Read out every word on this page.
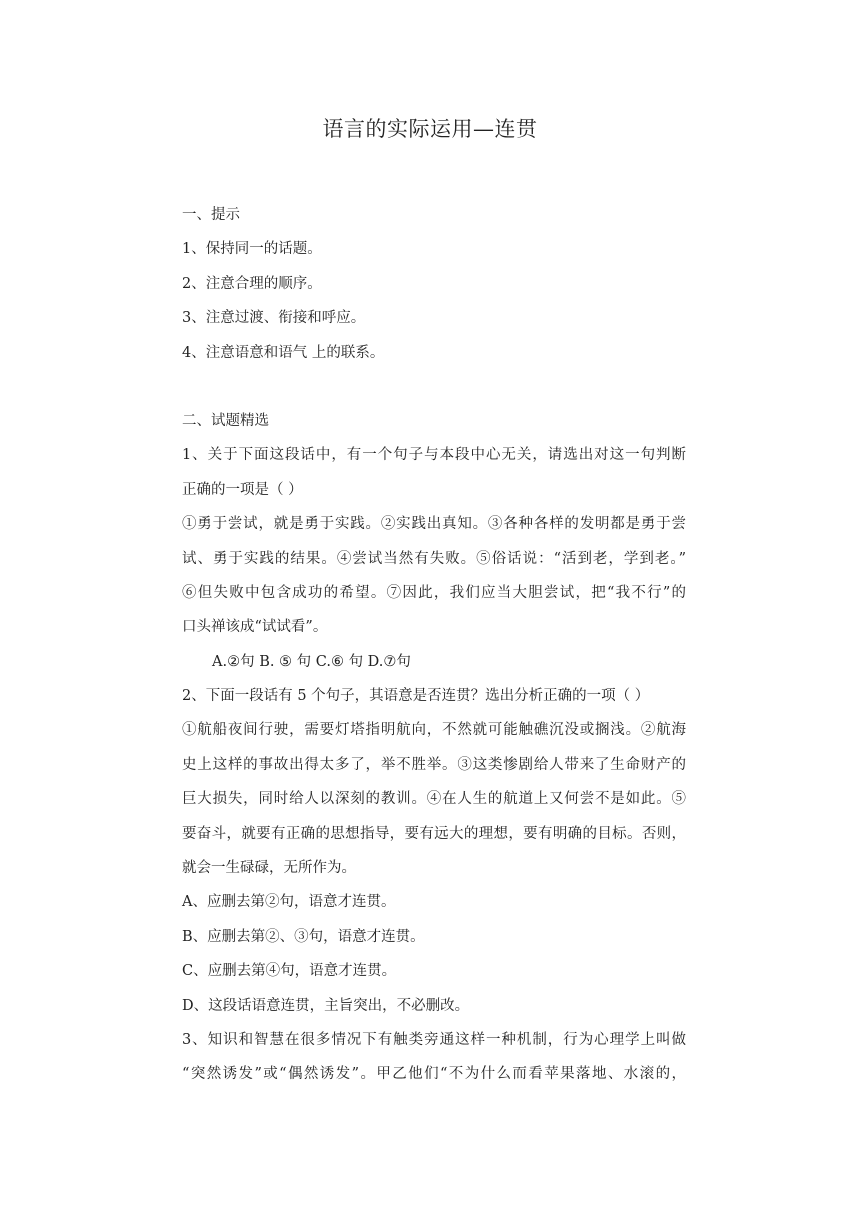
语言的实际运用—连贯
一、提示
1、保持同一的话题。
2、注意合理的顺序。
3、注意过渡、衔接和呼应。
4、注意语意和语气 上的联系。
二、试题精选
1、关于下面这段话中，有一个句子与本段中心无关，请选出对这一句判断
正确的一项是（ ）
①勇于尝试，就是勇于实践。②实践出真知。③各种各样的发明都是勇于尝
试、勇于实践的结果。④尝试当然有失败。⑤俗话说：“活到老，学到老。”
⑥但失败中包含成功的希望。⑦因此，我们应当大胆尝试，把“我不行”的
口头禅该成“试试看”。
A.②句 B. ⑤ 句 C.⑥ 句 D.⑦句
2、下面一段话有 5 个句子，其语意是否连贯？选出分析正确的一项（ ）
①航船夜间行驶，需要灯塔指明航向，不然就可能触礁沉没或搁浅。②航海
史上这样的事故出得太多了，举不胜举。③这类惨剧给人带来了生命财产的
巨大损失，同时给人以深刻的教训。④在人生的航道上又何尝不是如此。⑤
要奋斗，就要有正确的思想指导，要有远大的理想，要有明确的目标。否则，
就会一生碌碌，无所作为。
A、应删去第②句，语意才连贯。
B、应删去第②、③句，语意才连贯。
C、应删去第④句，语意才连贯。
D、这段话语意连贯，主旨突出，不必删改。
3、知识和智慧在很多情况下有触类旁通这样一种机制，行为心理学上叫做
“突然诱发”或“偶然诱发”。甲乙他们“不为什么而看苹果落地、水滚的，
